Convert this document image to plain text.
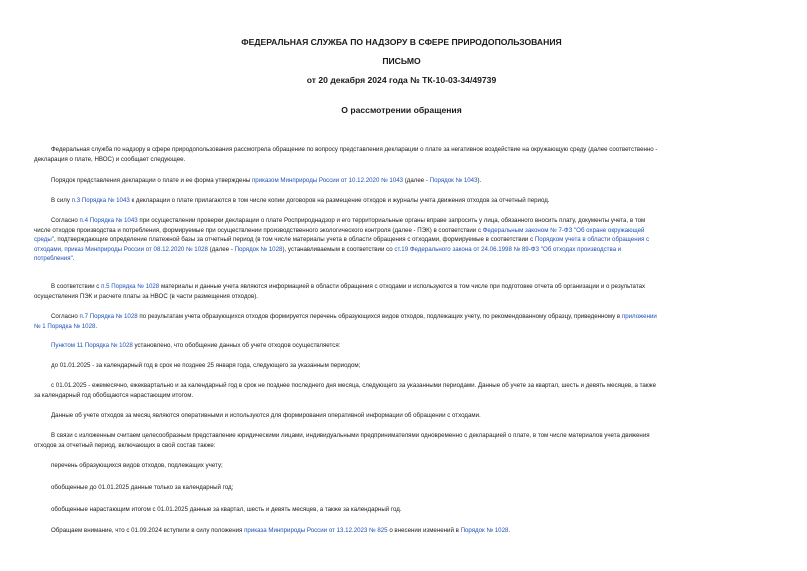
ФЕДЕРАЛЬНАЯ СЛУЖБА ПО НАДЗОРУ В СФЕРЕ ПРИРОДОПОЛЬЗОВАНИЯ
ПИСЬМО
от 20 декабря 2024 года № ТК-10-03-34/49739
О рассмотрении обращения
Федеральная служба по надзору в сфере природопользования рассмотрела обращение по вопросу представления декларации о плате за негативное воздействие на окружающую среду (далее соответственно -
декларация о плате, НВОС) и сообщает следующее.
Порядок представления декларации о плате и ее форма утверждены приказом Минприроды России от 10.12.2020 № 1043 (далее - Порядок № 1043).
В силу п.3 Порядка № 1043 к декларации о плате прилагаются в том числе копии договоров на размещение отходов и журналы учета движения отходов за отчетный период.
Согласно п.4 Порядка № 1043 при осуществлении проверки декларации о плате Росприроднадзор и его территориальные органы вправе запросить у лица, обязанного вносить плату, документы учета, в том
числе отходов производства и потребления, формируемые при осуществлении производственного экологического контроля (далее - ПЭК) в соответствии с Федеральным законом № 7-ФЗ "Об охране окружающей
среды", подтверждающие определение платежной базы за отчетный период (в том числе материалы учета в области обращения с отходами, формируемые в соответствии с Порядком учета в области обращения с
отходами, приказ Минприроды России от 08.12.2020 № 1028 (далее - Порядок № 1028), устанавливаемым в соответствии со ст.19 Федерального закона от 24.06.1998 № 89-ФЗ "Об отходах производства и
потребления".
В соответствии с п.5 Порядка № 1028 материалы и данные учета являются информацией в области обращения с отходами и используются в том числе при подготовке отчета об организации и о результатах
осуществления ПЭК и расчете платы за НВОС (в части размещения отходов).
Согласно п.7 Порядка № 1028 по результатам учета образующихся отходов формируется перечень образующихся видов отходов, подлежащих учету, по рекомендованному образцу, приведенному в приложении
№ 1 Порядка № 1028.
Пунктом 11 Порядка № 1028 установлено, что обобщение данных об учете отходов осуществляется:
до 01.01.2025 - за календарный год в срок не позднее 25 января года, следующего за указанным периодом;
с 01.01.2025 - ежемесячно, ежеквартально и за календарный год в срок не позднее последнего дня месяца, следующего за указанными периодами. Данные об учете за квартал, шесть и девять месяцев, а также
за календарный год обобщаются нарастающим итогом.
Данные об учете отходов за месяц являются оперативными и используются для формирования оперативной информации об обращении с отходами.
В связи с изложенным считаем целесообразным представление юридическими лицами, индивидуальными предпринимателями одновременно с декларацией о плате, в том числе материалов учета движения
отходов за отчетный период, включающих в свой состав также:
перечень образующихся видов отходов, подлежащих учету;
обобщенные до 01.01.2025 данные только за календарный год;
обобщенные нарастающим итогом с 01.01.2025 данные за квартал, шесть и девять месяцев, а также за календарный год.
Обращаем внимание, что с 01.09.2024 вступили в силу положения приказа Минприроды России от 13.12.2023 № 825 о внесении изменений в Порядок № 1028.
